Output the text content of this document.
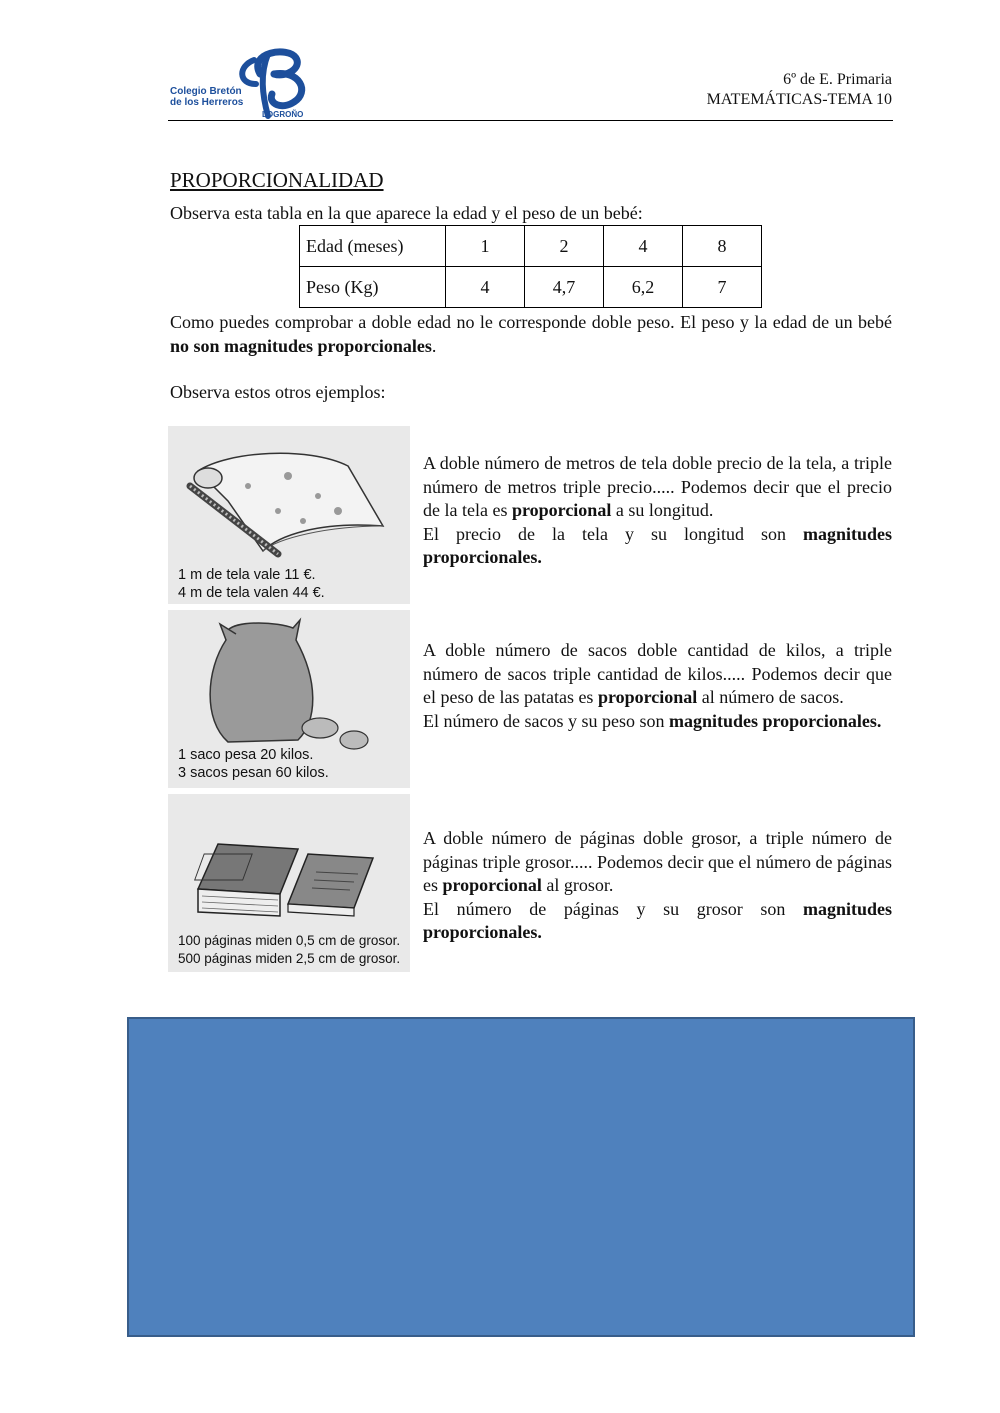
Colegio Bretón
de los Herreros
LOGROÑO
6º de E. Primaria
MATEMÁTICAS-TEMA 10
PROPORCIONALIDAD
Observa esta tabla en la que aparece la edad y el peso de un bebé:
Edad (meses)	1	2	4	8
Peso (Kg)	4	4,7	6,2	7
Como puedes comprobar a doble edad no le corresponde doble peso. El peso y la edad de un bebé no son magnitudes proporcionales.
Observa estos otros ejemplos:
1 m de tela vale 11 €.
4 m de tela valen 44 €.
A doble número de metros de tela doble precio de la tela, a triple número de metros triple precio..... Podemos decir que el precio de la tela es proporcional a su longitud.
El precio de la tela y su longitud son magnitudes proporcionales.
1 saco pesa 20 kilos.
3 sacos pesan 60 kilos.
A doble número de sacos doble cantidad de kilos, a triple número de sacos triple cantidad de kilos..... Podemos decir que el peso de las patatas es proporcional al número de sacos.
El número de sacos y su peso son magnitudes proporcionales.
100 páginas miden 0,5 cm de grosor.
500 páginas miden 2,5 cm de grosor.
A doble número de páginas doble grosor, a triple número de páginas triple grosor..... Podemos decir que el número de páginas es proporcional al grosor.
El número de páginas y su grosor son magnitudes proporcionales.
